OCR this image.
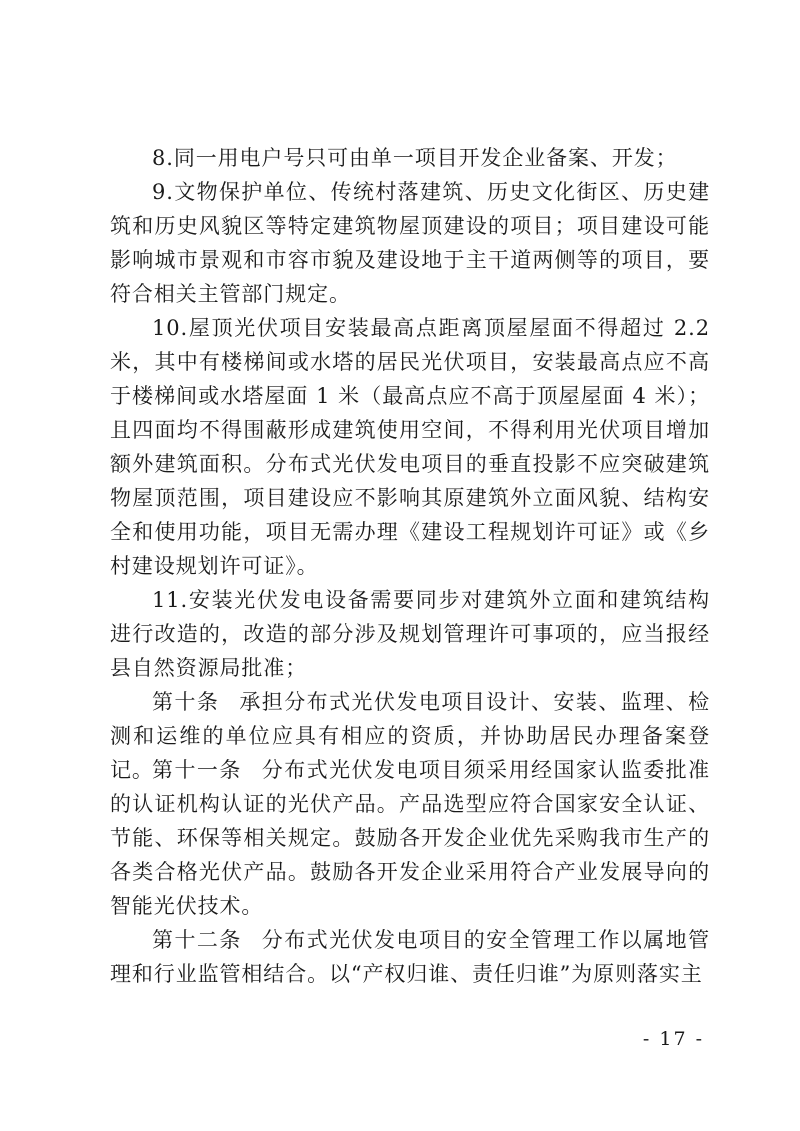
8.同一用电户号只可由单一项目开发企业备案、开发；

9.文物保护单位、传统村落建筑、历史文化街区、历史建筑和历史风貌区等特定建筑物屋顶建设的项目；项目建设可能影响城市景观和市容市貌及建设地于主干道两侧等的项目，要符合相关主管部门规定。

10.屋顶光伏项目安装最高点距离顶屋屋面不得超过 2.2 米，其中有楼梯间或水塔的居民光伏项目，安装最高点应不高于楼梯间或水塔屋面 1 米（最高点应不高于顶屋屋面 4 米）；且四面均不得围蔽形成建筑使用空间，不得利用光伏项目增加额外建筑面积。分布式光伏发电项目的垂直投影不应突破建筑物屋顶范围，项目建设应不影响其原建筑外立面风貌、结构安全和使用功能，项目无需办理《建设工程规划许可证》或《乡村建设规划许可证》。

11.安装光伏发电设备需要同步对建筑外立面和建筑结构进行改造的，改造的部分涉及规划管理许可事项的，应当报经县自然资源局批准；

第十条 承担分布式光伏发电项目设计、安装、监理、检测和运维的单位应具有相应的资质，并协助居民办理备案登记。

第十一条 分布式光伏发电项目须采用经国家认监委批准的认证机构认证的光伏产品。产品选型应符合国家安全认证、节能、环保等相关规定。鼓励各开发企业优先采购我市生产的各类合格光伏产品。鼓励各开发企业采用符合产业发展导向的智能光伏技术。

第十二条 分布式光伏发电项目的安全管理工作以属地管理和行业监管相结合。以“产权归谁、责任归谁”为原则落实主

- 17 -
